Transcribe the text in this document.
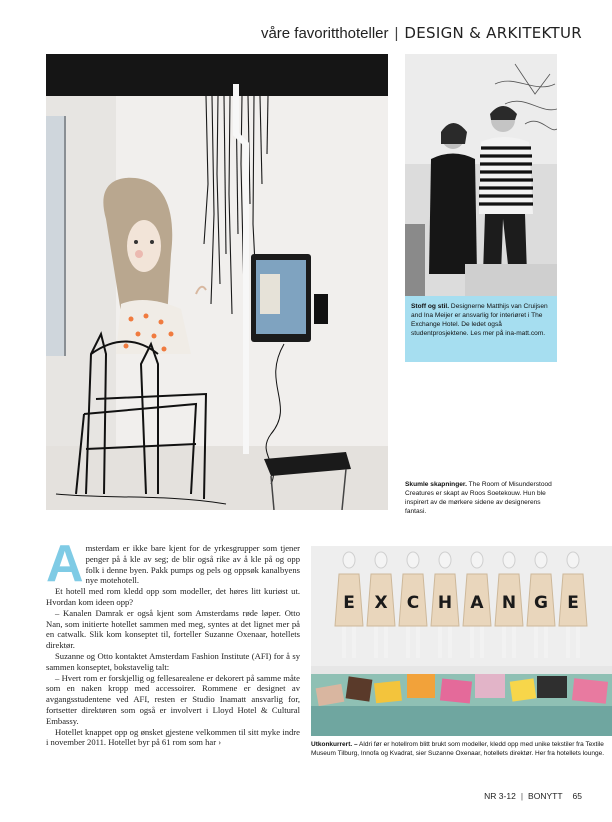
våre favoritthoteller | DESIGN & ARKITEKTUR
Stoff og stil. Designerne Matthijs van Cruijsen and Ina Meijer er ansvarlig for interiøret i The Exchange Hotel. De ledet også studentprosjektene. Les mer på ina-matt.com.
Skumle skapninger. The Room of Misunderstood Creatures er skapt av Roos Soetekouw. Hun ble inspirert av de mørkere sidene av designerens fantasi.

Amsterdam er ikke bare kjent for de yrkesgrupper som tjener penger på å kle av seg; de blir også rike av å kle på og opp folk i denne byen. Pakk pumps og pels og oppsøk kanalbyens nye motehotell.

Et hotell med rom kledd opp som modeller, det høres litt kuriøst ut. Hvordan kom ideen opp?

– Kanalen Damrak er også kjent som Amsterdams røde løper. Otto Nan, som initierte hotellet sammen med meg, syntes at det lignet mer på en catwalk. Slik kom konseptet til, forteller Suzanne Oxenaar, hotellets direktør.

Suzanne og Otto kontaktet Amsterdam Fashion Institute (AFI) for å sy sammen konseptet, bokstavelig talt:

– Hvert rom er forskjellig og fellesarealene er dekorert på samme måte som en naken kropp med accessoirer. Rommene er designet av avgangsstudentene ved AFI, resten er Studio Inamatt ansvarlig for, fortsetter direktøren som også er involvert i Lloyd Hotel & Cultural Embassy.

Hotellet knappet opp og ønsket gjestene velkommen til sitt myke indre i november 2011. Hotellet byr på 61 rom som har ›

E X C H A N G E
Utkonkurrert. – Aldri før er hotellrom blitt brukt som modeller, kledd opp med unike tekstiler fra Textile Museum Tilburg, Innofa og Kvadrat, sier Suzanne Oxenaar, hotellets direktør. Her fra hotellets lounge.
NR 3-12 | BONYTT 65
